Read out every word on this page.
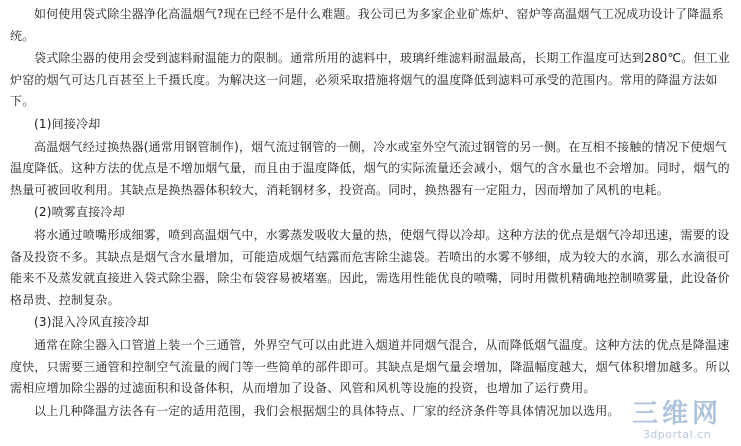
如何使用袋式除尘器净化高温烟气?现在已经不是什么难题。我公司已为多家企业矿炼炉、窑炉等高温烟气工况成功设计了降温系统。

袋式除尘器的使用会受到滤料耐温能力的限制。通常所用的滤料中，玻璃纤维滤料耐温最高，长期工作温度可达到280℃。但工业炉窑的烟气可达几百甚至上千摄氏度。为解决这一问题，必须采取措施将烟气的温度降低到滤料可承受的范围内。常用的降温方法如下。

(1)间接冷却

高温烟气经过换热器(通常用钢管制作)，烟气流过钢管的一侧，冷水或室外空气流过钢管的另一侧。在互相不接触的情况下使烟气温度降低。这种方法的优点是不增加烟气量，而且由于温度降低，烟气的实际流量还会减小，烟气的含水量也不会增加。同时，烟气的热量可被回收利用。其缺点是换热器体积较大，消耗钢材多，投资高。同时，换热器有一定阻力，因而增加了风机的电耗。

(2)喷雾直接冷却

将水通过喷嘴形成细雾，喷到高温烟气中，水雾蒸发吸收大量的热，使烟气得以冷却。这种方法的优点是烟气冷却迅速，需要的设备及投资不多。其缺点是烟气含水量增加，可能造成烟气结露而危害除尘滤袋。若喷出的水雾不够细，成为较大的水滴，那么水滴很可能来不及蒸发就直接进入袋式除尘器，除尘布袋容易被堵塞。因此，需选用性能优良的喷嘴，同时用微机精确地控制喷雾量，此设备价格昂贵、控制复杂。

(3)混入冷风直接冷却

通常在除尘器入口管道上装一个三通管，外界空气可以由此进入烟道并同烟气混合，从而降低烟气温度。这种方法的优点是降温速度快，只需要三通管和控制空气流量的阀门等一些简单的部件即可。其缺点是烟气量会增加，降温幅度越大，烟气体积增加越多。所以需相应增加除尘器的过滤面积和设备体积，从而增加了设备、风管和风机等设施的投资，也增加了运行费用。

以上几种降温方法各有一定的适用范围，我们会根据烟尘的具体特点、厂家的经济条件等具体情况加以选用。 三维网
3dportal.cn
